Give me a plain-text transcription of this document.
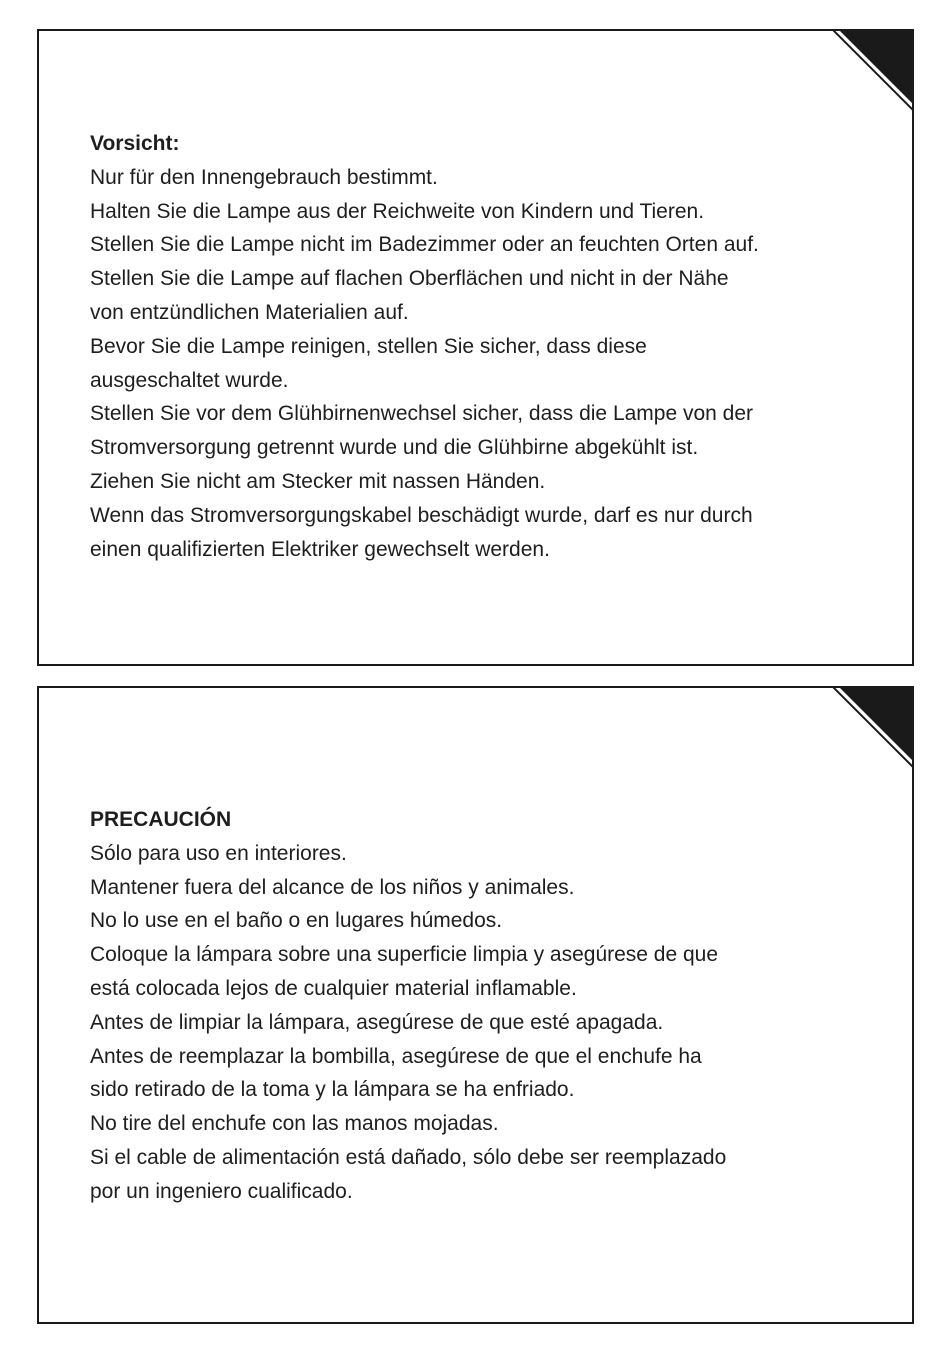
Vorsicht:

Nur für den Innengebrauch bestimmt.

Halten Sie die Lampe aus der Reichweite von Kindern und Tieren.

Stellen Sie die Lampe nicht im Badezimmer oder an feuchten Orten auf.

Stellen Sie die Lampe auf flachen Oberflächen und nicht in der Nähe

von entzündlichen Materialien auf.

Bevor Sie die Lampe reinigen, stellen Sie sicher, dass diese

ausgeschaltet wurde.

Stellen Sie vor dem Glühbirnenwechsel sicher, dass die Lampe von der

Stromversorgung getrennt wurde und die Glühbirne abgekühlt ist.

Ziehen Sie nicht am Stecker mit nassen Händen.

Wenn das Stromversorgungskabel beschädigt wurde, darf es nur durch

einen qualifizierten Elektriker gewechselt werden.

PRECAUCIÓN

Sólo para uso en interiores.

Mantener fuera del alcance de los niños y animales.

No lo use en el baño o en lugares húmedos.

Coloque la lámpara sobre una superficie limpia y asegúrese de que

está colocada lejos de cualquier material inflamable.

Antes de limpiar la lámpara, asegúrese de que esté apagada.

Antes de reemplazar la bombilla, asegúrese de que el enchufe ha

sido retirado de la toma y la lámpara se ha enfriado.

No tire del enchufe con las manos mojadas.

Si el cable de alimentación está dañado, sólo debe ser reemplazado

por un ingeniero cualificado.
